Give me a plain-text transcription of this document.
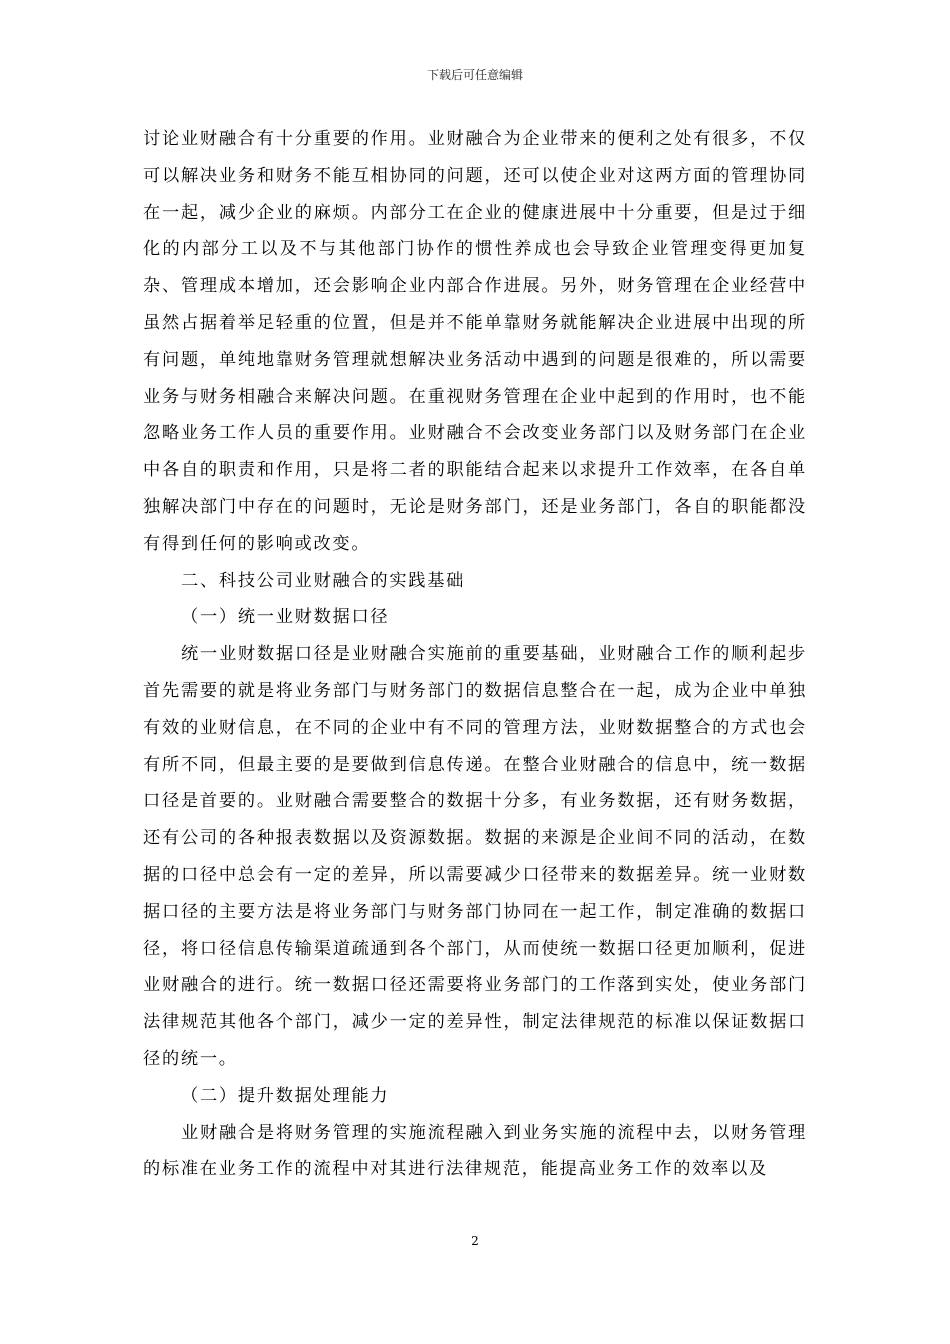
下载后可任意编辑

讨论业财融合有十分重要的作用。业财融合为企业带来的便利之处有很多，不仅可以解决业务和财务不能互相协同的问题，还可以使企业对这两方面的管理协同在一起，减少企业的麻烦。内部分工在企业的健康进展中十分重要，但是过于细化的内部分工以及不与其他部门协作的惯性养成也会导致企业管理变得更加复杂、管理成本增加，还会影响企业内部合作进展。另外，财务管理在企业经营中虽然占据着举足轻重的位置，但是并不能单靠财务就能解决企业进展中出现的所有问题，单纯地靠财务管理就想解决业务活动中遇到的问题是很难的，所以需要业务与财务相融合来解决问题。在重视财务管理在企业中起到的作用时，也不能忽略业务工作人员的重要作用。业财融合不会改变业务部门以及财务部门在企业中各自的职责和作用，只是将二者的职能结合起来以求提升工作效率，在各自单独解决部门中存在的问题时，无论是财务部门，还是业务部门，各自的职能都没有得到任何的影响或改变。

二、科技公司业财融合的实践基础

（一）统一业财数据口径

统一业财数据口径是业财融合实施前的重要基础，业财融合工作的顺利起步首先需要的就是将业务部门与财务部门的数据信息整合在一起，成为企业中单独有效的业财信息，在不同的企业中有不同的管理方法，业财数据整合的方式也会有所不同，但最主要的是要做到信息传递。在整合业财融合的信息中，统一数据口径是首要的。业财融合需要整合的数据十分多，有业务数据，还有财务数据，还有公司的各种报表数据以及资源数据。数据的来源是企业间不同的活动，在数据的口径中总会有一定的差异，所以需要减少口径带来的数据差异。统一业财数据口径的主要方法是将业务部门与财务部门协同在一起工作，制定准确的数据口径，将口径信息传输渠道疏通到各个部门，从而使统一数据口径更加顺利，促进业财融合的进行。统一数据口径还需要将业务部门的工作落到实处，使业务部门法律规范其他各个部门，减少一定的差异性，制定法律规范的标准以保证数据口径的统一。

（二）提升数据处理能力

业财融合是将财务管理的实施流程融入到业务实施的流程中去，以财务管理的标准在业务工作的流程中对其进行法律规范，能提高业务工作的效率以及

2
